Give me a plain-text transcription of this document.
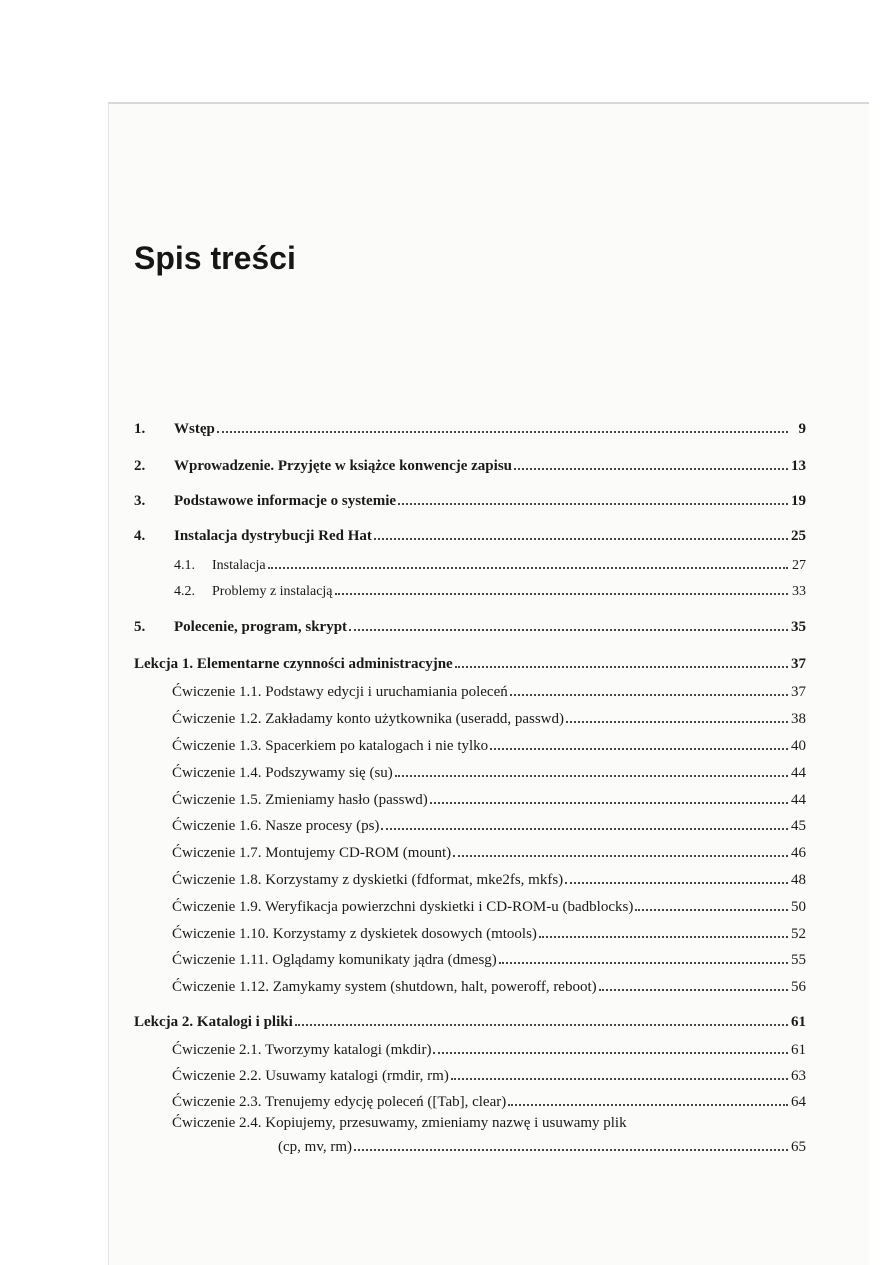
Spis treści
1.	Wstęp	9
2.	Wprowadzenie. Przyjęte w książce konwencje zapisu	13
3.	Podstawowe informacje o systemie	19
4.	Instalacja dystrybucji Red Hat	25
4.1.	Instalacja	27
4.2.	Problemy z instalacją	33
5.	Polecenie, program, skrypt	35
Lekcja 1. Elementarne czynności administracyjne	37
Ćwiczenie 1.1. Podstawy edycji i uruchamiania poleceń	37
Ćwiczenie 1.2. Zakładamy konto użytkownika (useradd, passwd)	38
Ćwiczenie 1.3. Spacerkiem po katalogach i nie tylko	40
Ćwiczenie 1.4. Podszywamy się (su)	44
Ćwiczenie 1.5. Zmieniamy hasło (passwd)	44
Ćwiczenie 1.6. Nasze procesy (ps)	45
Ćwiczenie 1.7. Montujemy CD-ROM (mount)	46
Ćwiczenie 1.8. Korzystamy z dyskietki (fdformat, mke2fs, mkfs)	48
Ćwiczenie 1.9. Weryfikacja powierzchni dyskietki i CD-ROM-u (badblocks)	50
Ćwiczenie 1.10. Korzystamy z dyskietek dosowych (mtools)	52
Ćwiczenie 1.11. Oglądamy komunikaty jądra (dmesg)	55
Ćwiczenie 1.12. Zamykamy system (shutdown, halt, poweroff, reboot)	56
Lekcja 2. Katalogi i pliki	61
Ćwiczenie 2.1. Tworzymy katalogi (mkdir)	61
Ćwiczenie 2.2. Usuwamy katalogi (rmdir, rm)	63
Ćwiczenie 2.3. Trenujemy edycję poleceń ([Tab], clear)	64
Ćwiczenie 2.4. Kopiujemy, przesuwamy, zmieniamy nazwę i usuwamy plik
(cp, mv, rm)	65
